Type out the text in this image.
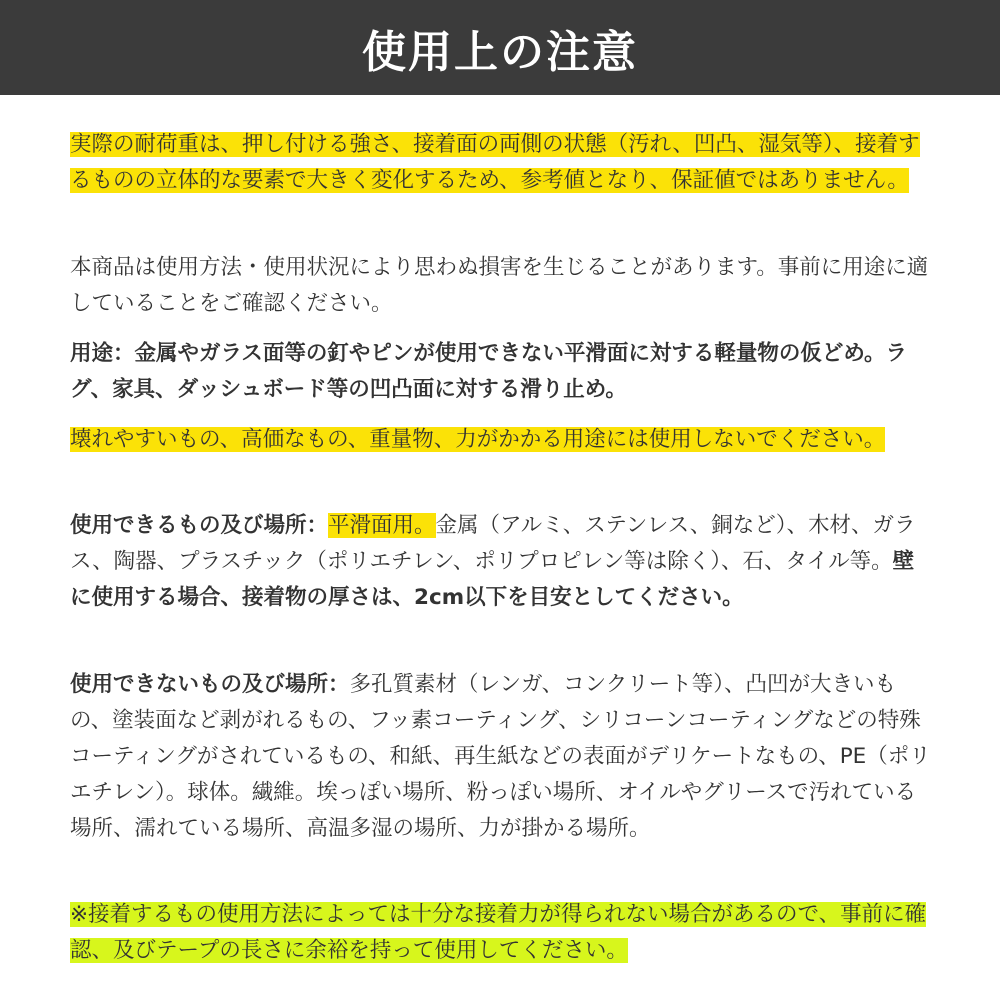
使用上の注意

実際の耐荷重は、押し付ける強さ、接着面の両側の状態（汚れ、凹凸、湿気等）、接着するものの立体的な要素で大きく変化するため、参考値となり、保証値ではありません。

本商品は使用方法・使用状況により思わぬ損害を生じることがあります。事前に用途に適していることをご確認ください。

用途：金属やガラス面等の釘やピンが使用できない平滑面に対する軽量物の仮どめ。ラグ、家具、ダッシュボード等の凹凸面に対する滑り止め。

壊れやすいもの、高価なもの、重量物、力がかかる用途には使用しないでください。

使用できるもの及び場所：平滑面用。金属（アルミ、ステンレス、銅など）、木材、ガラス、陶器、プラスチック（ポリエチレン、ポリプロピレン等は除く）、石、タイル等。壁に使用する場合、接着物の厚さは、2cm以下を目安としてください。

使用できないもの及び場所：多孔質素材（レンガ、コンクリート等）、凸凹が大きいもの、塗装面など剥がれるもの、フッ素コーティング、シリコーンコーティングなどの特殊コーティングがされているもの、和紙、再生紙などの表面がデリケートなもの、PE（ポリエチレン）。球体。繊維。埃っぽい場所、粉っぽい場所、オイルやグリースで汚れている場所、濡れている場所、高温多湿の場所、力が掛かる場所。

※接着するもの使用方法によっては十分な接着力が得られない場合があるので、事前に確認、及びテープの長さに余裕を持って使用してください。
